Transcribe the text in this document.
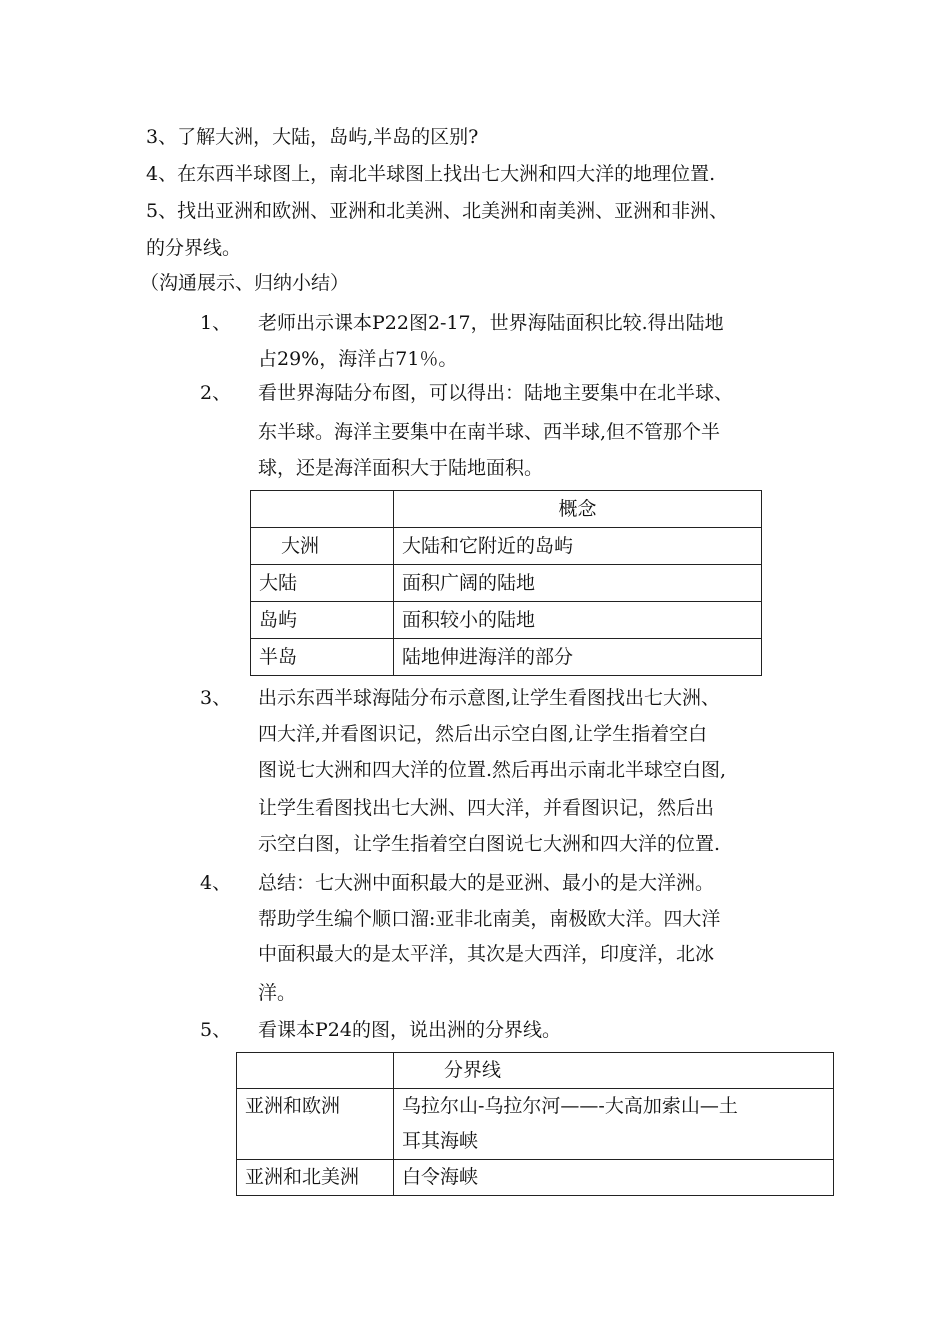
3、了解大洲，大陆，岛屿,半岛的区别?
4、在东西半球图上，南北半球图上找出七大洲和四大洋的地理位置.
5、找出亚洲和欧洲、亚洲和北美洲、北美洲和南美洲、亚洲和非洲、
的分界线。
（沟通展示、归纳小结）
1、 老师出示课本P22图2-17，世界海陆面积比较.得出陆地
占29%，海洋占71％。
2、 看世界海陆分布图，可以得出：陆地主要集中在北半球、
东半球。海洋主要集中在南半球、西半球,但不管那个半
球，还是海洋面积大于陆地面积。
	概念
大洲	大陆和它附近的岛屿
大陆	面积广阔的陆地
岛屿	面积较小的陆地
半岛	陆地伸进海洋的部分
3、 出示东西半球海陆分布示意图,让学生看图找出七大洲、
四大洋,并看图识记，然后出示空白图,让学生指着空白
图说七大洲和四大洋的位置.然后再出示南北半球空白图,
让学生看图找出七大洲、四大洋，并看图识记，然后出
示空白图，让学生指着空白图说七大洲和四大洋的位置.
4、 总结：七大洲中面积最大的是亚洲、最小的是大洋洲。
帮助学生编个顺口溜:亚非北南美，南极欧大洋。四大洋
中面积最大的是太平洋，其次是大西洋，印度洋，北冰
洋。
5、 看课本P24的图，说出洲的分界线。
	分界线
亚洲和欧洲	乌拉尔山-乌拉尔河——-大高加索山—土
耳其海峡

亚洲和北美洲	白令海峡
